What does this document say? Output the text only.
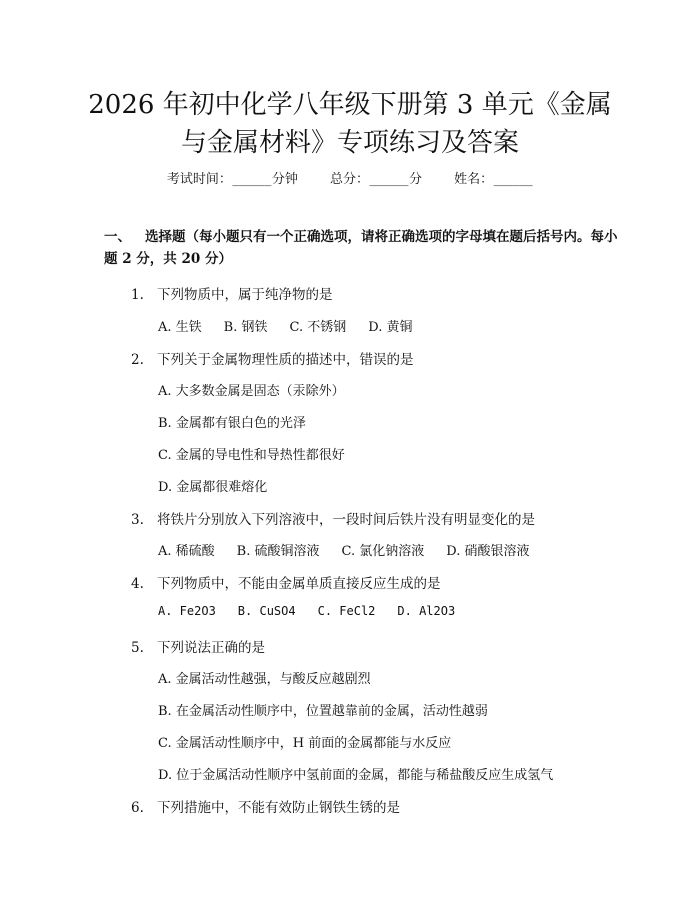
2026 年初中化学八年级下册第 3 单元《金属
与金属材料》专项练习及答案
考试时间：______分钟 总分：______分 姓名：______
一、 选择题（每小题只有一个正确选项，请将正确选项的字母填在题后括号内。每小题 2 分，共 20 分）
1. 下列物质中，属于纯净物的是
A. 生铁 B. 钢铁 C. 不锈钢 D. 黄铜
2. 下列关于金属物理性质的描述中，错误的是
A. 大多数金属是固态（汞除外）
B. 金属都有银白色的光泽
C. 金属的导电性和导热性都很好
D. 金属都很难熔化
3. 将铁片分别放入下列溶液中，一段时间后铁片没有明显变化的是
A. 稀硫酸 B. 硫酸铜溶液 C. 氯化钠溶液 D. 硝酸银溶液
4. 下列物质中，不能由金属单质直接反应生成的是
A. Fe2O3 B. CuSO4 C. FeCl2 D. Al2O3
5. 下列说法正确的是
A. 金属活动性越强，与酸反应越剧烈
B. 在金属活动性顺序中，位置越靠前的金属，活动性越弱
C. 金属活动性顺序中，H 前面的金属都能与水反应
D. 位于金属活动性顺序中氢前面的金属，都能与稀盐酸反应生成氢气
6. 下列措施中，不能有效防止钢铁生锈的是
